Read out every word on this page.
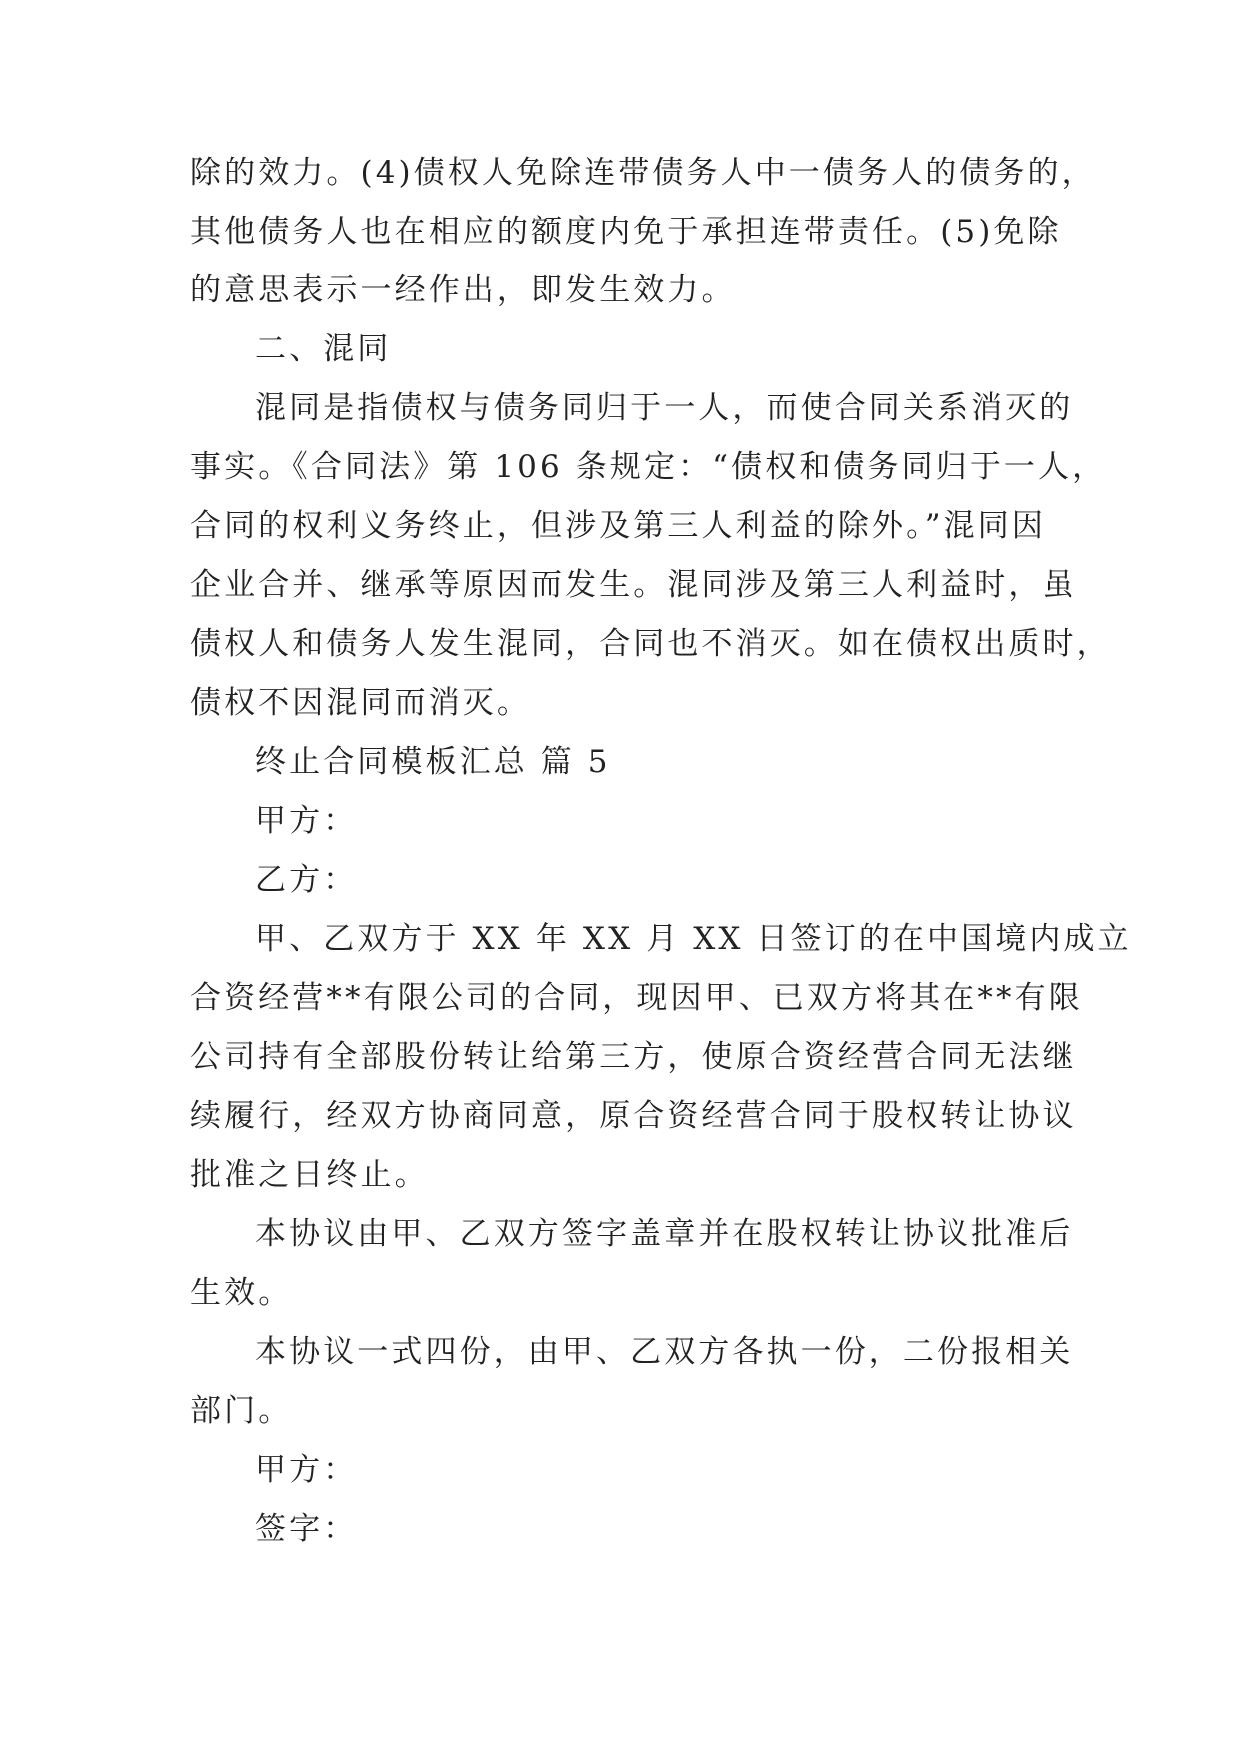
除的效力。(4)债权人免除连带债务人中一债务人的债务的，
其他债务人也在相应的额度内免于承担连带责任。(5)免除
的意思表示一经作出，即发生效力。
二、混同
混同是指债权与债务同归于一人，而使合同关系消灭的
事实。《合同法》第 106 条规定：“债权和债务同归于一人，
合同的权利义务终止，但涉及第三人利益的除外。”混同因
企业合并、继承等原因而发生。混同涉及第三人利益时，虽
债权人和债务人发生混同，合同也不消灭。如在债权出质时，
债权不因混同而消灭。
终止合同模板汇总 篇 5
甲方：
乙方：
甲、乙双方于 XX 年 XX 月 XX 日签订的在中国境内成立
合资经营**有限公司的合同，现因甲、已双方将其在**有限
公司持有全部股份转让给第三方，使原合资经营合同无法继
续履行，经双方协商同意，原合资经营合同于股权转让协议
批准之日终止。
本协议由甲、乙双方签字盖章并在股权转让协议批准后
生效。
本协议一式四份，由甲、乙双方各执一份，二份报相关
部门。
甲方：
签字：
